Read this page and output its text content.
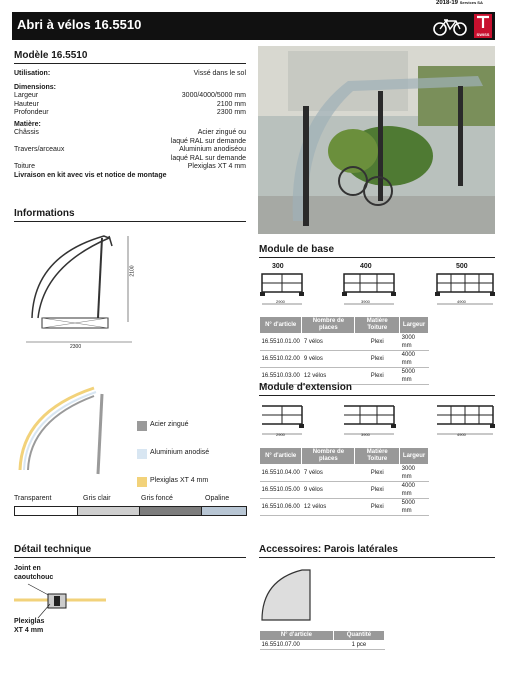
2018-19 Services SA
Abri à vélos 16.5510
SWISS
Modèle 16.5510
Utilisation:	Vissé dans le sol
Dimensions:
Largeur	3000/4000/5000 mm
Hauteur	2100 mm
Profondeur	2300 mm
Matière:
Châssis	Acier zingué ou
laqué RAL sur demande
Travers/arceaux	Aluminium anodiséou
laqué RAL sur demande
Toiture	Plexiglas XT 4 mm
Livraison en kit avec vis et notice de montage
Informations
2100
2300
Acier zingué
Aluminium anodisé
Plexiglas XT 4 mm
Transparent	Gris clair	Gris foncé	Opaline
Module de base
300	400	500
2900	3900	4900
N° d'article	Nombre de places	Matière Toiture	Largeur
16.5510.01.00	7 vélos	Plexi	3000 mm
16.5510.02.00	9 vélos	Plexi	4000 mm
16.5510.03.00	12 vélos	Plexi	5000 mm
Module d'extension
2900	3900	4900
N° d'article	Nombre de places	Matière Toiture	Largeur
16.5510.04.00	7 vélos	Plexi	3000 mm
16.5510.05.00	9 vélos	Plexi	4000 mm
16.5510.06.00	12 vélos	Plexi	5000 mm
Détail technique
Joint en
caoutchouc
Plexiglas
XT 4 mm
Accessoires: Parois latérales
N° d'article	Quantité
16.5510.07.00	1 pce
